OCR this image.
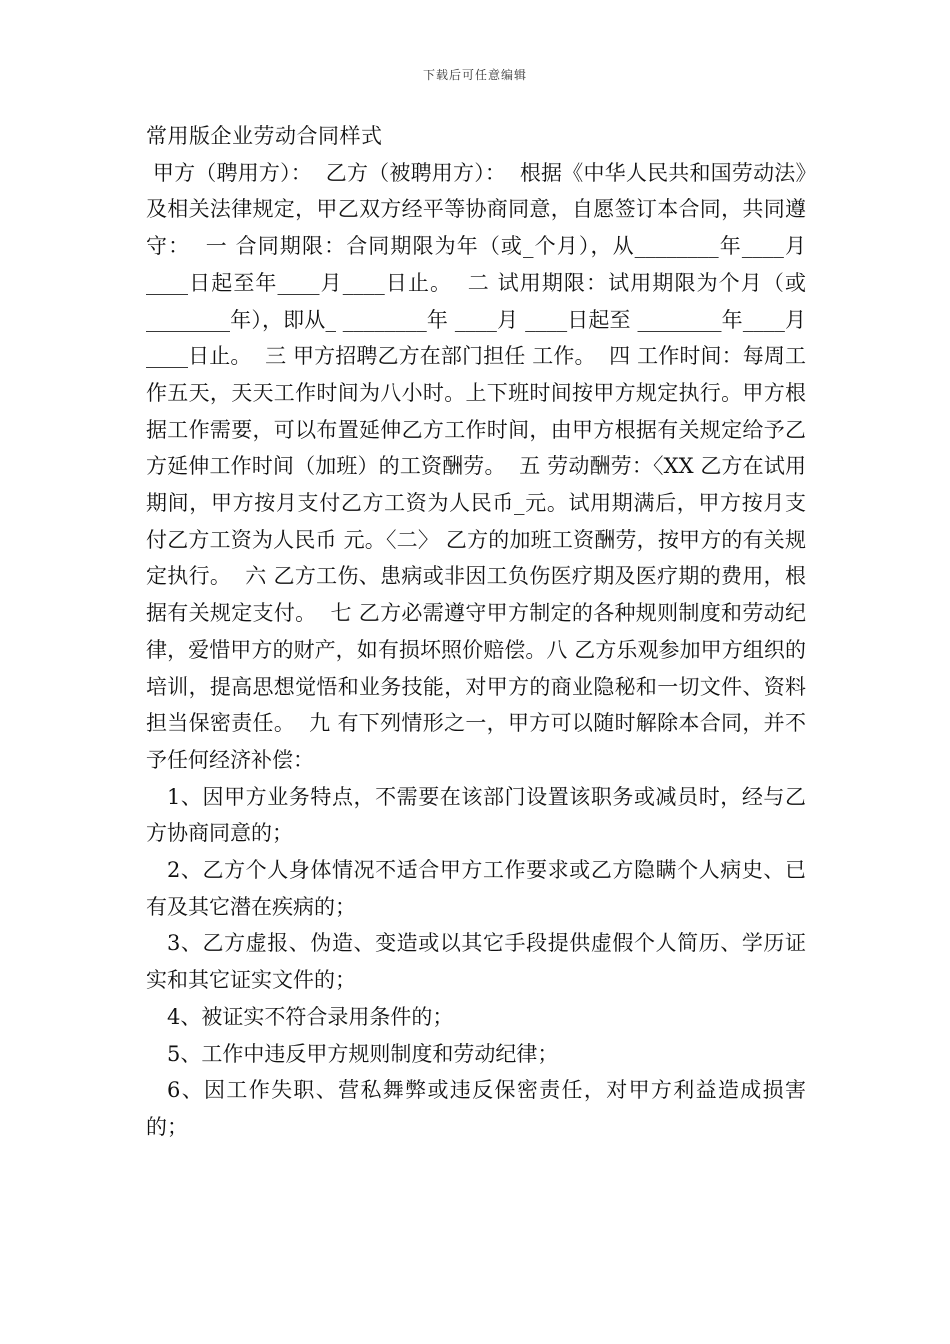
下载后可任意编辑

常用版企业劳动合同样式

甲方（聘用方）：  乙方（被聘用方）：  根据《中华人民共和国劳动法》及相关法律规定，甲乙双方经平等协商同意，自愿签订本合同，共同遵守：  一 合同期限：合同期限为年（或_个月），从________年____月____日起至年____月____日止。  二 试用期限：试用期限为个月（或________年），即从_ ________年 ____月 ____日起至 ________年____月____日止。  三 甲方招聘乙方在部门担任 工作。  四 工作时间：每周工作五天，天天工作时间为八小时。上下班时间按甲方规定执行。甲方根据工作需要，可以布置延伸乙方工作时间，由甲方根据有关规定给予乙方延伸工作时间（加班）的工资酬劳。  五 劳动酬劳：〈XX 乙方在试用期间，甲方按月支付乙方工资为人民币_元。试用期满后，甲方按月支付乙方工资为人民币 元。〈二〉 乙方的加班工资酬劳，按甲方的有关规定执行。  六 乙方工伤、患病或非因工负伤医疗期及医疗期的费用，根据有关规定支付。  七 乙方必需遵守甲方制定的各种规则制度和劳动纪律，爱惜甲方的财产，如有损坏照价赔偿。八 乙方乐观参加甲方组织的培训，提高思想觉悟和业务技能，对甲方的商业隐秘和一切文件、资料担当保密责任。  九 有下列情形之一，甲方可以随时解除本合同，并不予任何经济补偿：

1、因甲方业务特点，不需要在该部门设置该职务或减员时，经与乙方协商同意的；

2、乙方个人身体情况不适合甲方工作要求或乙方隐瞒个人病史、已有及其它潜在疾病的；

3、乙方虚报、伪造、变造或以其它手段提供虚假个人简历、学历证实和其它证实文件的；

4、被证实不符合录用条件的；

5、工作中违反甲方规则制度和劳动纪律；

6、因工作失职、营私舞弊或违反保密责任，对甲方利益造成损害的；
